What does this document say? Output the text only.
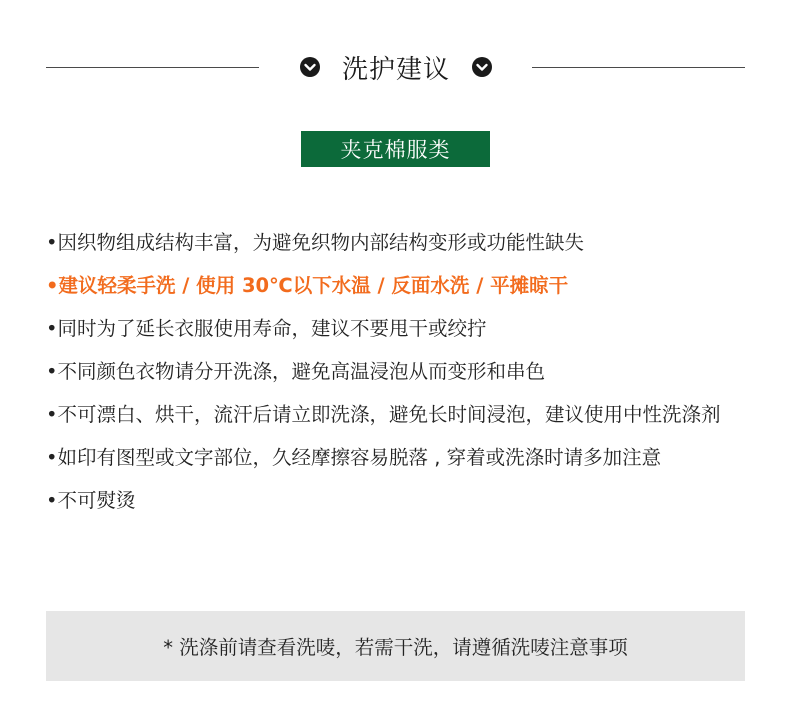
洗护建议
夹克棉服类
•因织物组成结构丰富，为避免织物内部结构变形或功能性缺失
•建议轻柔手洗 / 使用 30℃以下水温 / 反面水洗 / 平摊晾干
•同时为了延长衣服使用寿命，建议不要甩干或绞拧
•不同颜色衣物请分开洗涤，避免高温浸泡从而变形和串色
•不可漂白、烘干，流汗后请立即洗涤，避免长时间浸泡，建议使用中性洗涤剂
•如印有图型或文字部位，久经摩擦容易脱落 , 穿着或洗涤时请多加注意
•不可熨烫
* 洗涤前请查看洗唛，若需干洗，请遵循洗唛注意事项
